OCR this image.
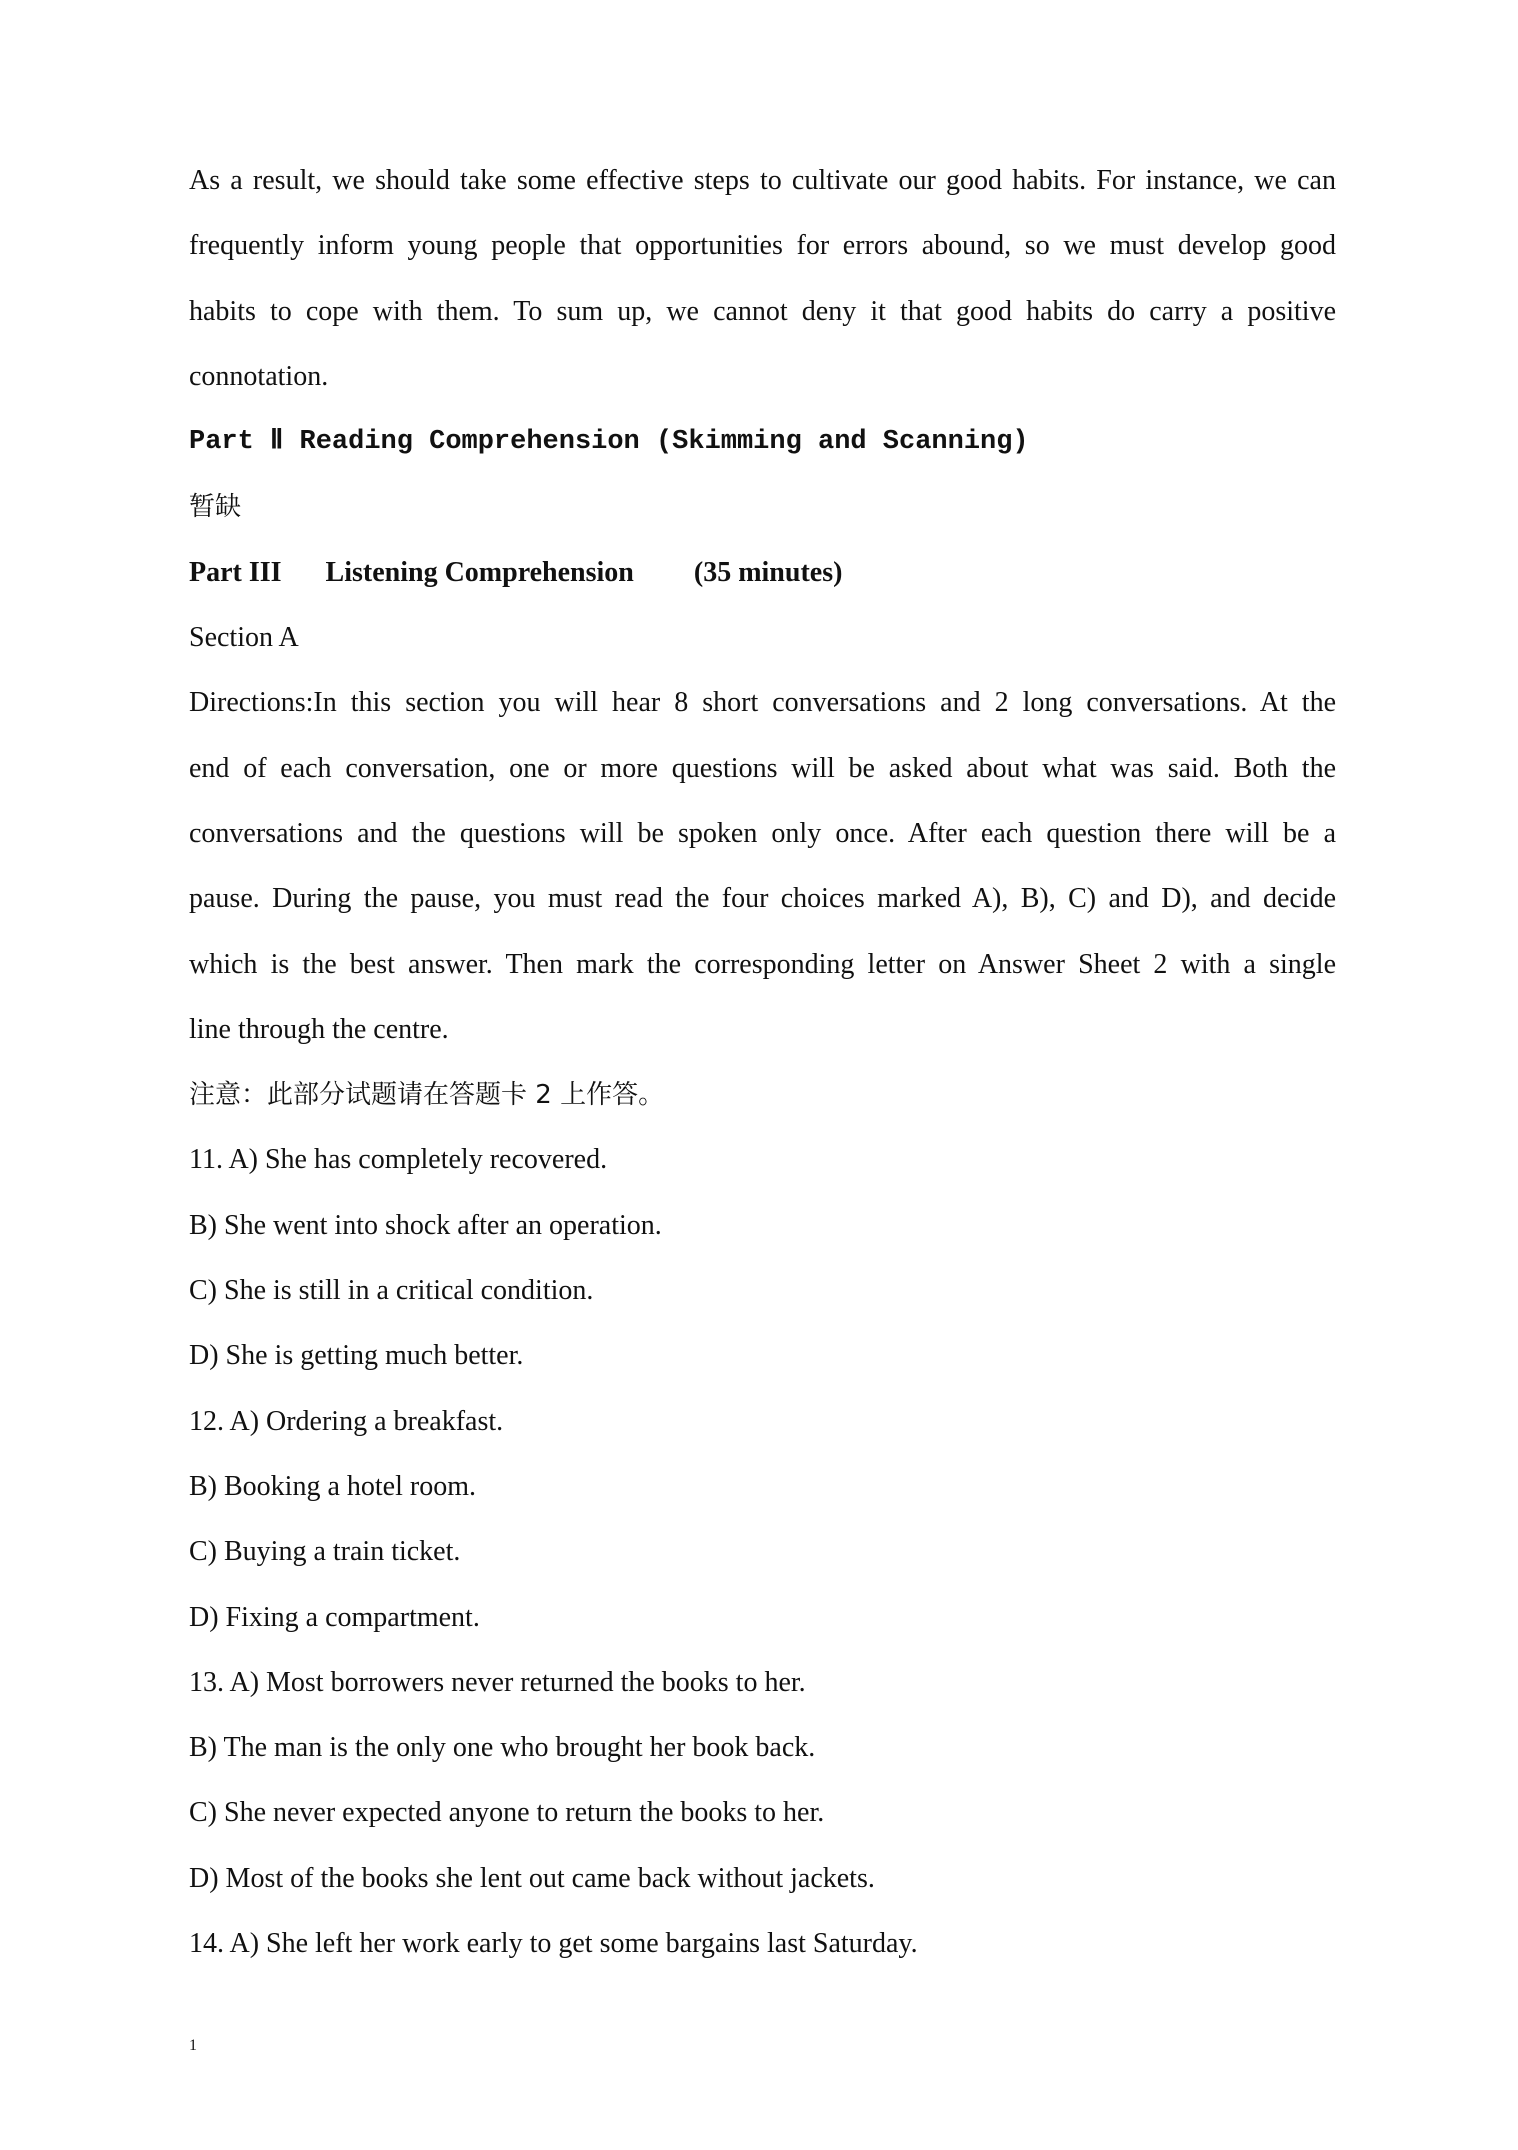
As a result, we should take some effective steps to cultivate our good habits. For instance, we can
frequently inform young people that opportunities for errors abound, so we must develop good
habits to cope with them. To sum up, we cannot deny it that good habits do carry a positive
connotation.
Part Ⅱ Reading Comprehension (Skimming and Scanning)
暂缺
Part III Listening Comprehension (35 minutes)
Section A
Directions:In this section you will hear 8 short conversations and 2 long conversations. At the
end of each conversation, one or more questions will be asked about what was said. Both the
conversations and the questions will be spoken only once. After each question there will be a
pause. During the pause, you must read the four choices marked A), B), C) and D), and decide
which is the best answer. Then mark the corresponding letter on Answer Sheet 2 with a single
line through the centre.
注意：此部分试题请在答题卡 2 上作答。
11. A) She has completely recovered.
B) She went into shock after an operation.
C) She is still in a critical condition.
D) She is getting much better.
12. A) Ordering a breakfast.
B) Booking a hotel room.
C) Buying a train ticket.
D) Fixing a compartment.
13. A) Most borrowers never returned the books to her.
B) The man is the only one who brought her book back.
C) She never expected anyone to return the books to her.
D) Most of the books she lent out came back without jackets.
14. A) She left her work early to get some bargains last Saturday.
1
